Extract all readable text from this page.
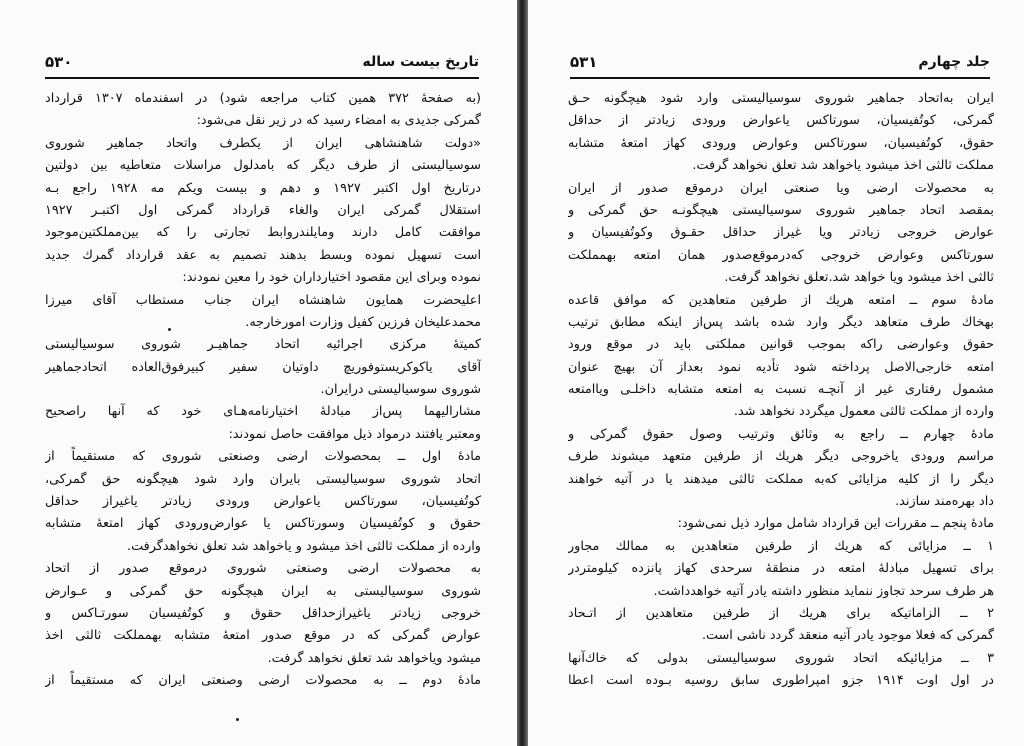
۵۳۰	تاریخ بیست ساله
(به صفحهٔ ۳۷۲ همین کتاب مراجعه شود) در اسفندماه ۱۳۰۷ قرارداد
گمرکی جدیدی به امضاء رسید که در زیر نقل می‌شود:
«دولت شاهنشاهی ایران از یکطرف واتحاد جماهیر شوروی
سوسیالیستی از طرف دیگر که بامدلول مراسلات متعاطیه بین دولتین
درتاریخ اول اکتبر ۱۹۲۷ و دهم و بیست ویکم مه ۱۹۲۸ راجع بـه
استقلال گمرکی ایران والغاء قرارداد گمرکی اول اکتبـر ۱۹۲۷
موافقت کامل دارند ومایلندروابط تجارتی را که بین‌مملکتین‌موجود
است تسهیل نموده وبسط بدهند تصمیم به عقد قرارداد گمرك جدید
نموده وبرای این مقصود اختیارداران خود را معین نمودند:
اعلیحضرت همایون شاهنشاه ایران جناب مستطاب آقای میرزا
محمدعلیخان فرزین کفیل وزارت امورخارجه.
کمیتهٔ مرکزی اجرائیه اتحاد جماهیـر شوروی سوسیالیستی
آقای یاکوکریستوفوریچ داوتیان سفیر کبیرفوق‌العاده اتحادجماهیر
شوروی سوسیالیستی درایران.
مشارالیهما پس‌از مبادلهٔ اختیارنامه‌هـای خود که آنها راصحیح
ومعتبر یافتند درمواد ذیل موافقت حاصل نمودند:
مادهٔ اول ــ بمحصولات ارضی وصنعتی شوروی که مستقیماً از
اتحاد شوروی سوسیالیستی بایران وارد شود هیچگونه حق گمرکی،
کوتُفیسیان، سورتاکس یاعوارض ورودی زیادتر یاغیراز حداقل
حقوق و کوتُفیسیان وسورتاکس یا عوارض‌ورودی کهاز امتعهٔ متشابه
وارده از مملکت ثالثی اخذ میشود و یاخواهد شد تعلق نخواهدگرفت.
به محصولات ارضی وصنعتی شوروی درموقع صدور از اتحاد
شوروی سوسیالیستی به ایران هیچگونه حق گمرکی و عـوارض
خروجی زیادتر یاغیرازحداقل حقوق و کوتُفیسیان سورتـاکس و
عوارض گمرکی که در موقع صدور امتعهٔ متشابه بهمملکت ثالثی اخذ
میشود ویاخواهد شد تعلق نخواهد گرفت.
مادهٔ دوم ــ به محصولات ارضی وصنعتی ایران که مستقیماً از
۵۳۱	جلد چهارم
ایران به‌اتحاد جماهیر شوروی سوسیالیستی وارد شود هیچگونه حـق
گمرکی، کوتُفیسیان، سورتاکس یاعوارض ورودی زیادتر از حداقل
حقوق، کوتُفیسیان، سورتاکس وعوارض ورودی کهاز امتعهٔ متشابه
مملکت ثالثی اخذ میشود یاخواهد شد تعلق نخواهد گرفت.
به محصولات ارضی ویا صنعتی ایران درموقع صدور از ایران
بمقصد اتحاد جماهیر شوروی سوسیالیستی هیچگونـه حق گمرکی و
عوارض خروجی زیادتر ویا غیراز حداقل حقـوق وکوتُفیسیان و
سورتاکس وعوارض خروجی که‌درموقع‌صدور همان امتعه بهمملکت
ثالثی اخذ میشود ویا خواهد شد.تعلق نخواهد گرفت.
مادهٔ سوم ــ امتعه هریك از طرفین متعاهدین که موافق قاعده
بهخاك طرف متعاهد دیگر وارد شده باشد پس‌از اینکه مطابق ترتیب
حقوق وعوارضی راکه بموجب قوانین مملکتی باید در موقع ورود
امتعه خارجی‌الاصل پرداخته شود تأدیه نمود بعداز آن بهیچ عنوان
مشمول رفتاری غیر از آنچـه نسبت به امتعه متشابه داخلـی ویاامتعه
وارده از مملکت ثالثی معمول میگردد نخواهد شد.
مادهٔ چهارم ــ راجع به وثائق وترتیب وصول حقوق گمرکی و
مراسم ورودی یاخروجی دیگر هریك از طرفین متعهد میشوند طرف
دیگر را از کلیه مزایائی که‌به مملکت ثالثی میدهند یا در آتیه خواهند
داد بهره‌مند سازند.
مادهٔ پنجم ــ مقررات این قرارداد شامل موارد ذیل نمی‌شود:
۱ ــ مزایائی که هریك از طرفین متعاهدین به ممالك مجاور
برای تسهیل مبادلهٔ امتعه در منطقهٔ سرحدی کهاز پانزده کیلومتردر
هر طرف سرحد تجاوز ننماید منظور داشته یادر آتیه خواهدداشت.
۲ ــ الزاماتیکه برای هریك از طرفین متعاهدین از اتـحاد
گمرکی که فعلا موجود یادر آتیه منعقد گردد ناشی است.
۳ ــ مزایائیکه اتحاد شوروی سوسیالیستی بدولی که خاك‌آنها
در اول اوت ۱۹۱۴ جزو امپراطوری سابق روسیه بـوده است اعطا
